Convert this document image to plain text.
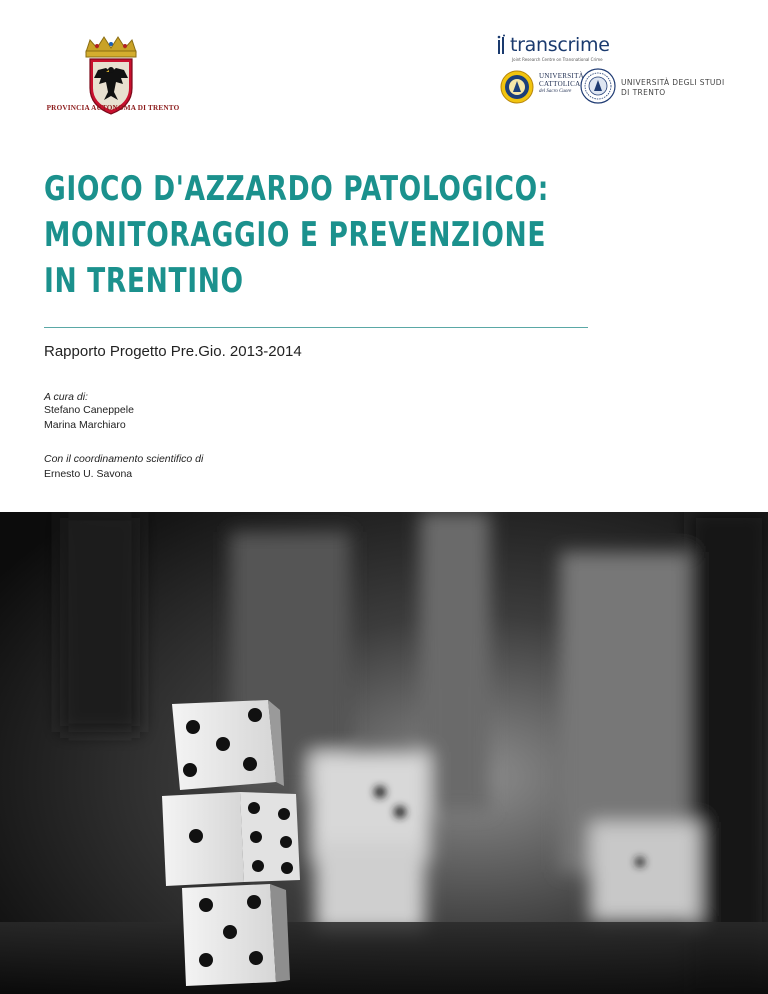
PROVINCIA AUTONOMA DI TRENTO
transcrime
Joint Research Centre on Transnational Crime
UNIVERSITÀ
CATTOLICA
del Sacro Cuore
UNIVERSITÀ DEGLI STUDI
DI TRENTO
GIOCO D'AZZARDO PATOLOGICO:
MONITORAGGIO E PREVENZIONE
IN TRENTINO
Rapporto Progetto Pre.Gio. 2013-2014
A cura di:
Stefano Caneppele
Marina Marchiaro
Con il coordinamento scientifico di
Ernesto U. Savona
